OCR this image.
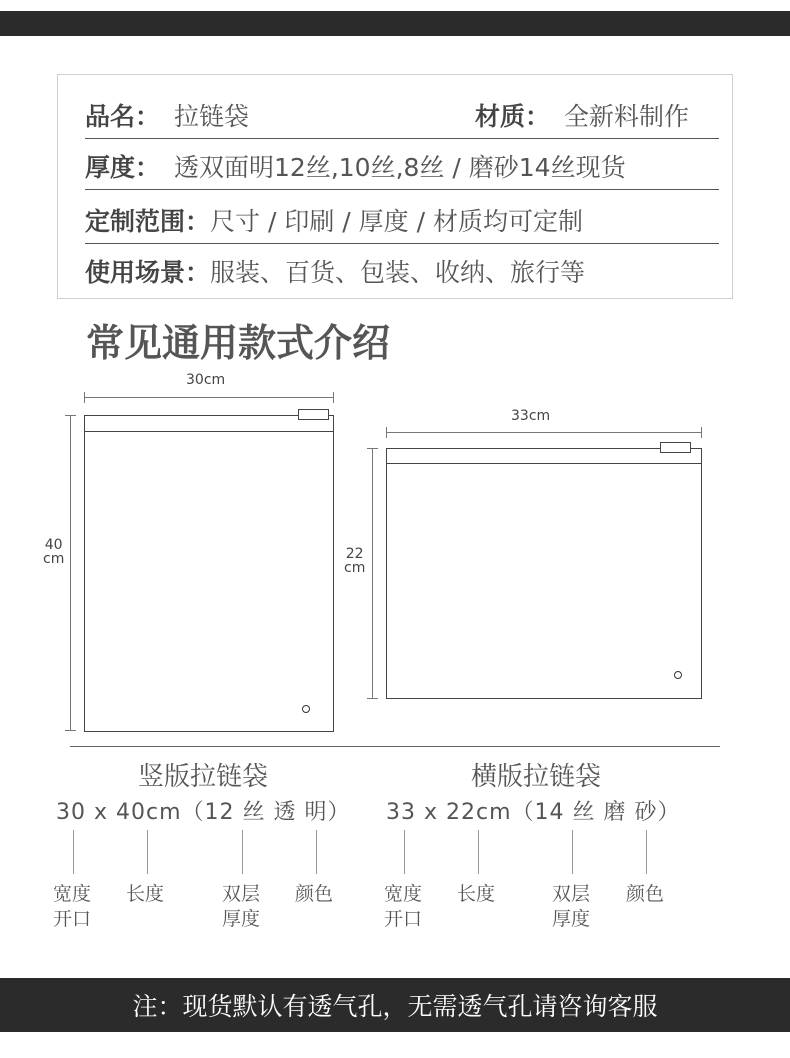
品名： 拉链袋	材质： 全新料制作
厚度： 透双面明12丝,10丝,8丝 / 磨砂14丝现货
定制范围： 尺寸 / 印刷 / 厚度 / 材质均可定制
使用场景： 服装、百货、包装、收纳、旅行等
常见通用款式介绍
30cm
40
cm
33cm
22
cm
竖版拉链袋	横版拉链袋
30 x 40cm（12 丝 透 明） 33 x 22cm（14 丝 磨 砂）
宽度
开口
长度	双层
厚度
颜色	宽度
开口
长度	双层
厚度
颜色
注：现货默认有透气孔，无需透气孔请咨询客服
